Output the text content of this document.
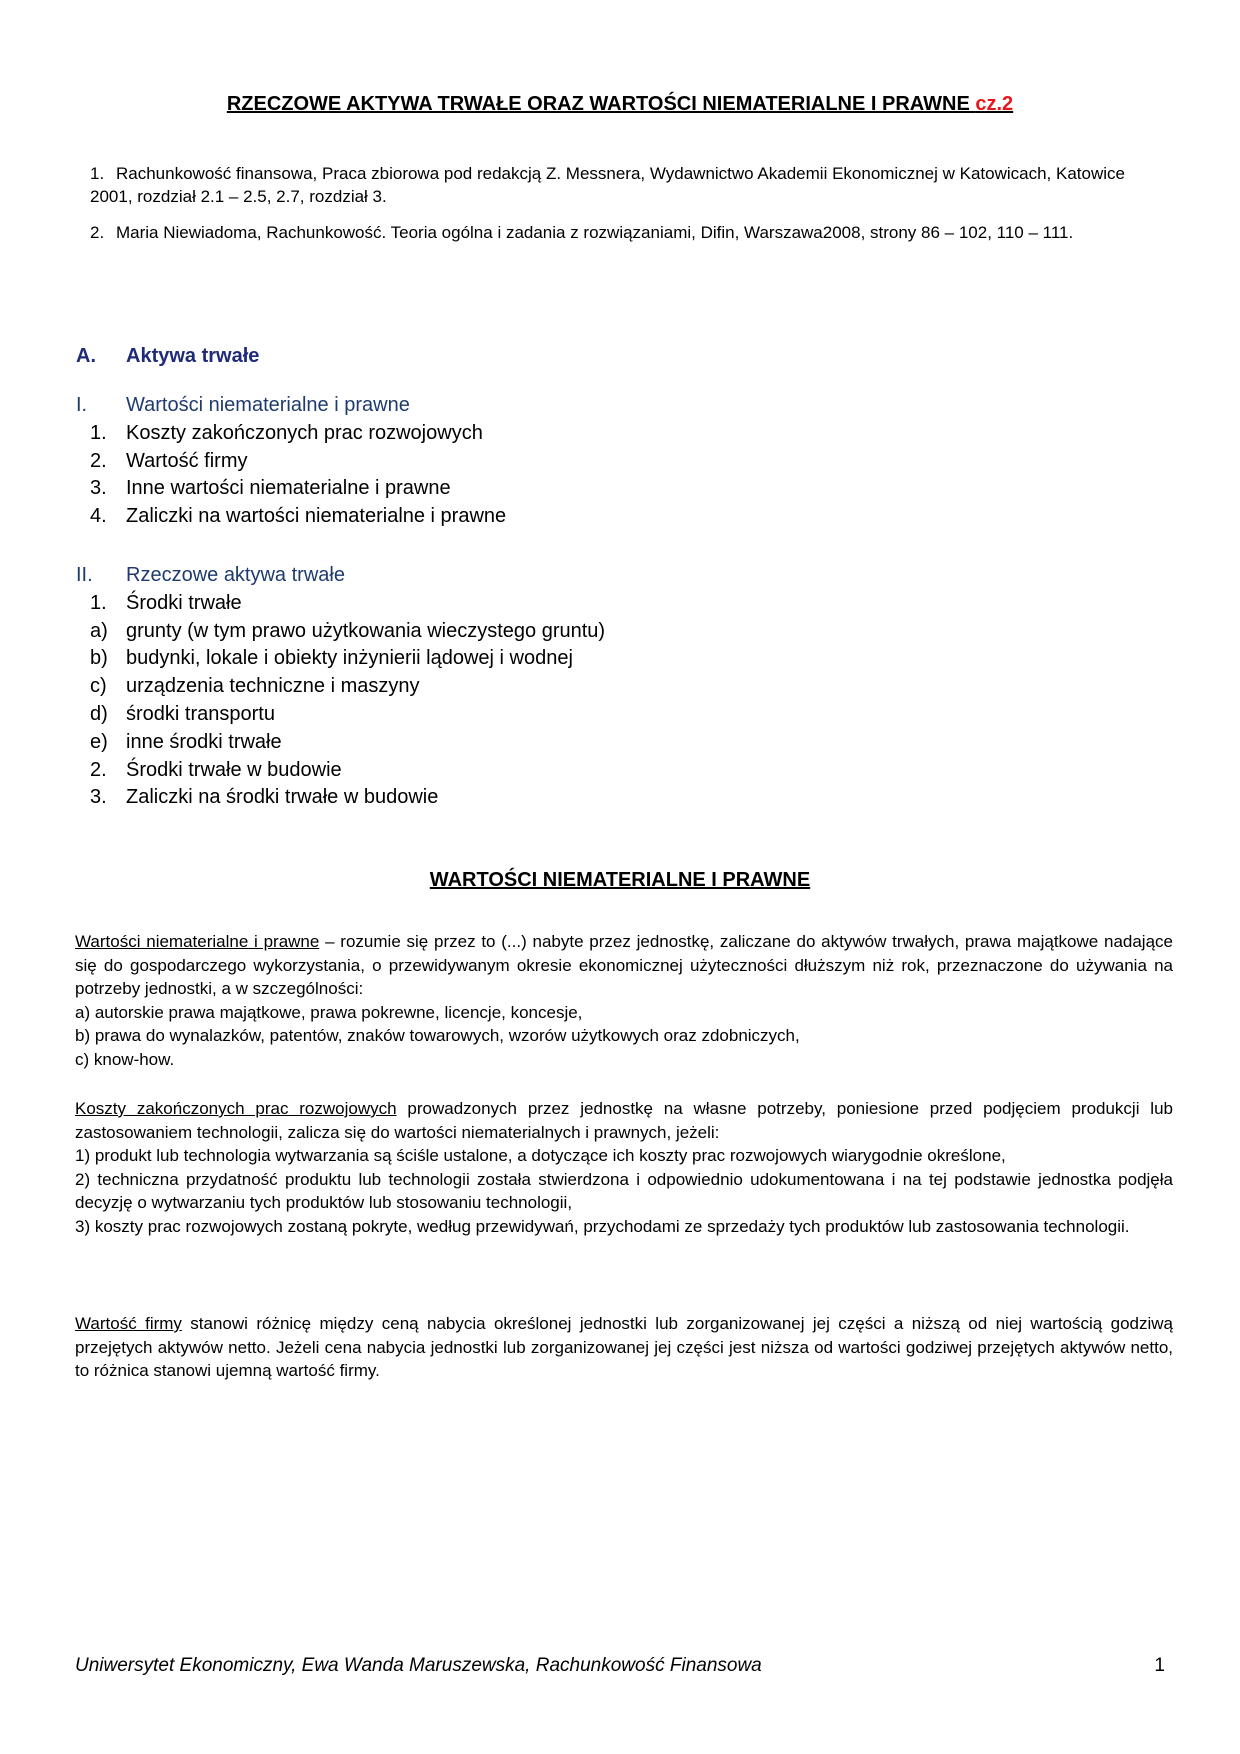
RZECZOWE AKTYWA TRWAŁE ORAZ WARTOŚCI NIEMATERIALNE I PRAWNE cz.2

1. Rachunkowość finansowa, Praca zbiorowa pod redakcją Z. Messnera, Wydawnictwo Akademii Ekonomicznej w Katowicach, Katowice 2001, rozdział 2.1 – 2.5, 2.7, rozdział 3.

2. Maria Niewiadoma, Rachunkowość. Teoria ogólna i zadania z rozwiązaniami, Difin, Warszawa2008, strony 86 – 102, 110 – 111.

A. Aktywa trwałe
I. Wartości niematerialne i prawne
1. Koszty zakończonych prac rozwojowych
2. Wartość firmy
3. Inne wartości niematerialne i prawne
4. Zaliczki na wartości niematerialne i prawne
II. Rzeczowe aktywa trwałe
1. Środki trwałe
a) grunty (w tym prawo użytkowania wieczystego gruntu)
b) budynki, lokale i obiekty inżynierii lądowej i wodnej
c) urządzenia techniczne i maszyny
d) środki transportu
e) inne środki trwałe
2. Środki trwałe w budowie
3. Zaliczki na środki trwałe w budowie
WARTOŚCI NIEMATERIALNE I PRAWNE

Wartości niematerialne i prawne – rozumie się przez to (...) nabyte przez jednostkę, zaliczane do aktywów trwałych, prawa majątkowe nadające się do gospodarczego wykorzystania, o przewidywanym okresie ekonomicznej użyteczności dłuższym niż rok, przeznaczone do używania na potrzeby jednostki, a w szczególności:

a) autorskie prawa majątkowe, prawa pokrewne, licencje, koncesje,

b) prawa do wynalazków, patentów, znaków towarowych, wzorów użytkowych oraz zdobniczych,

c) know-how.

Koszty zakończonych prac rozwojowych prowadzonych przez jednostkę na własne potrzeby, poniesione przed podjęciem produkcji lub zastosowaniem technologii, zalicza się do wartości niematerialnych i prawnych, jeżeli:

1) produkt lub technologia wytwarzania są ściśle ustalone, a dotyczące ich koszty prac rozwojowych wiarygodnie określone,

2) techniczna przydatność produktu lub technologii została stwierdzona i odpowiednio udokumentowana i na tej podstawie jednostka podjęła decyzję o wytwarzaniu tych produktów lub stosowaniu technologii,

3) koszty prac rozwojowych zostaną pokryte, według przewidywań, przychodami ze sprzedaży tych produktów lub zastosowania technologii.

Wartość firmy stanowi różnicę między ceną nabycia określonej jednostki lub zorganizowanej jej części a niższą od niej wartością godziwą przejętych aktywów netto. Jeżeli cena nabycia jednostki lub zorganizowanej jej części jest niższa od wartości godziwej przejętych aktywów netto, to różnica stanowi ujemną wartość firmy.

Uniwersytet Ekonomiczny, Ewa Wanda Maruszewska, Rachunkowość Finansowa	1
